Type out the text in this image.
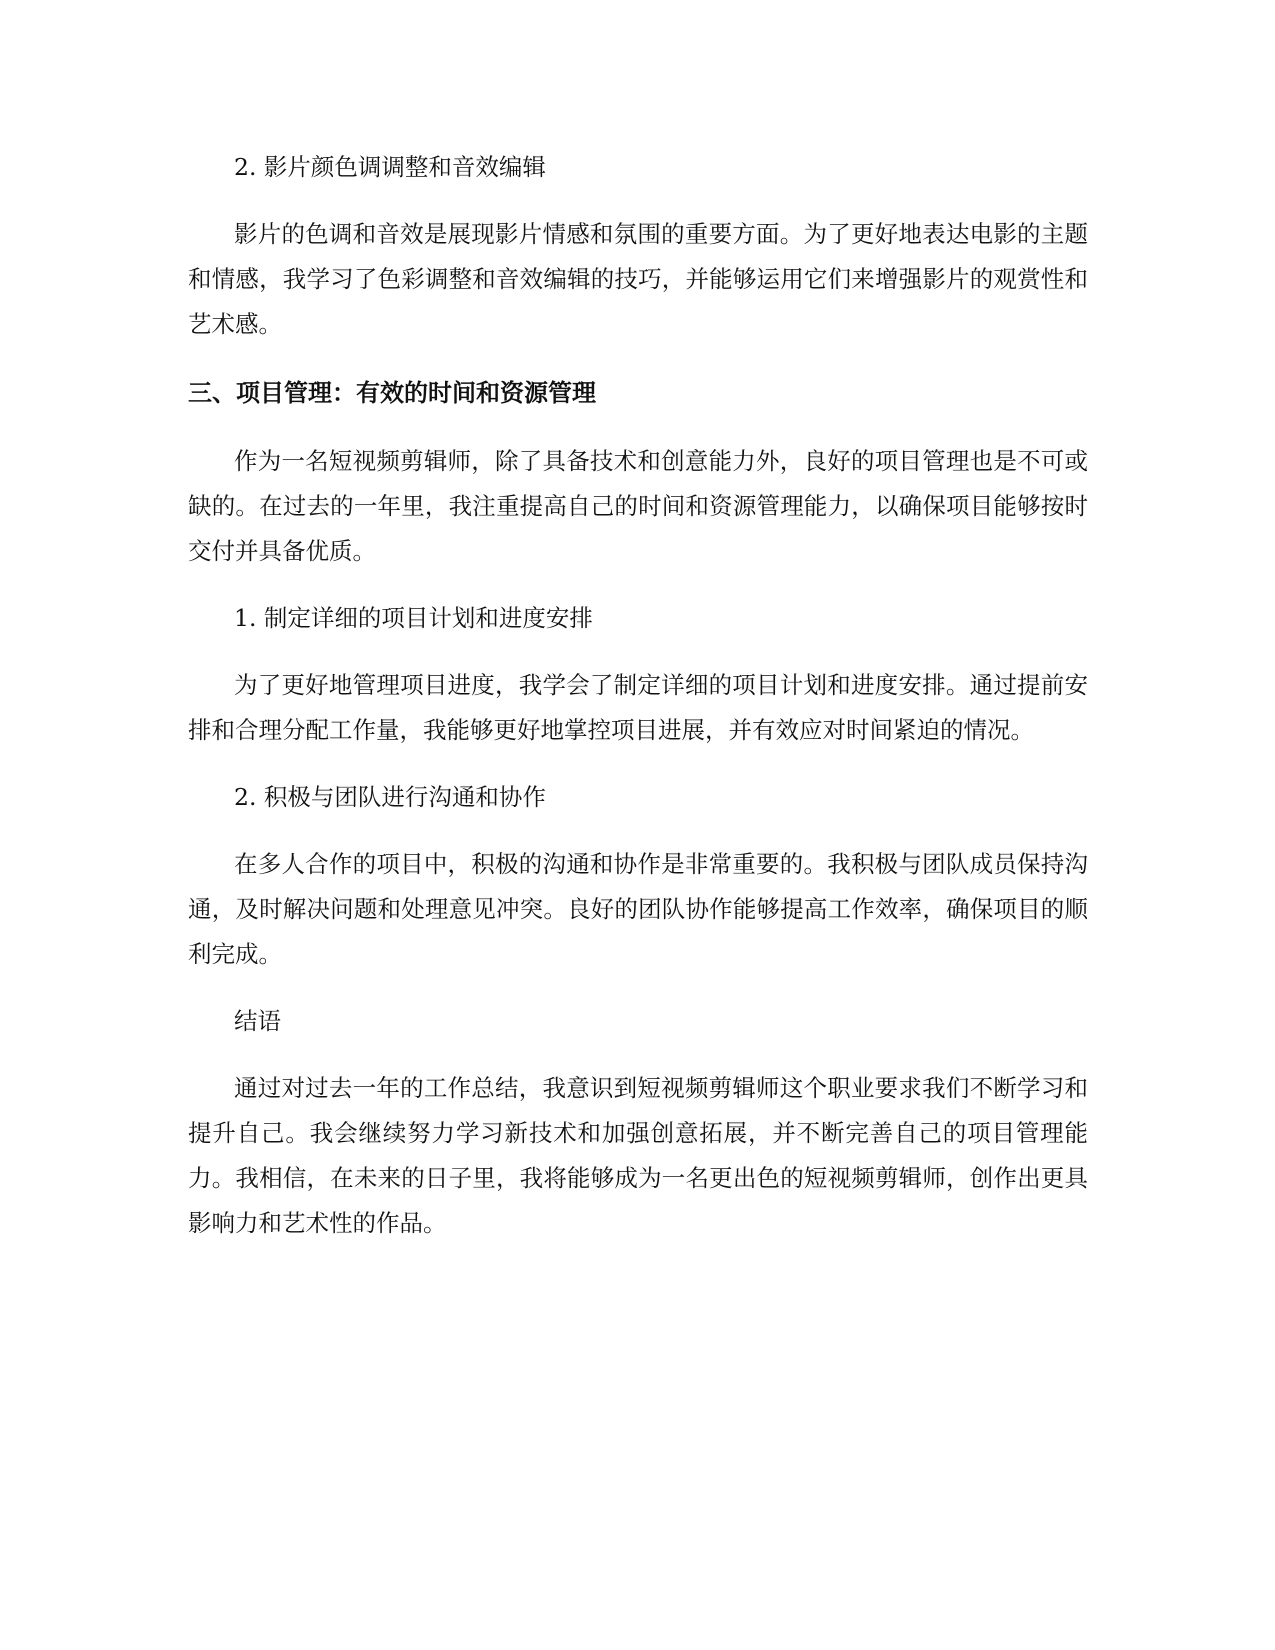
2. 影片颜色调调整和音效编辑

影片的色调和音效是展现影片情感和氛围的重要方面。为了更好地表达电影的主题和情感，我学习了色彩调整和音效编辑的技巧，并能够运用它们来增强影片的观赏性和艺术感。

三、项目管理：有效的时间和资源管理

作为一名短视频剪辑师，除了具备技术和创意能力外，良好的项目管理也是不可或缺的。在过去的一年里，我注重提高自己的时间和资源管理能力，以确保项目能够按时交付并具备优质。

1. 制定详细的项目计划和进度安排

为了更好地管理项目进度，我学会了制定详细的项目计划和进度安排。通过提前安排和合理分配工作量，我能够更好地掌控项目进展，并有效应对时间紧迫的情况。

2. 积极与团队进行沟通和协作

在多人合作的项目中，积极的沟通和协作是非常重要的。我积极与团队成员保持沟通，及时解决问题和处理意见冲突。良好的团队协作能够提高工作效率，确保项目的顺利完成。

结语

通过对过去一年的工作总结，我意识到短视频剪辑师这个职业要求我们不断学习和提升自己。我会继续努力学习新技术和加强创意拓展，并不断完善自己的项目管理能力。我相信，在未来的日子里，我将能够成为一名更出色的短视频剪辑师，创作出更具影响力和艺术性的作品。
